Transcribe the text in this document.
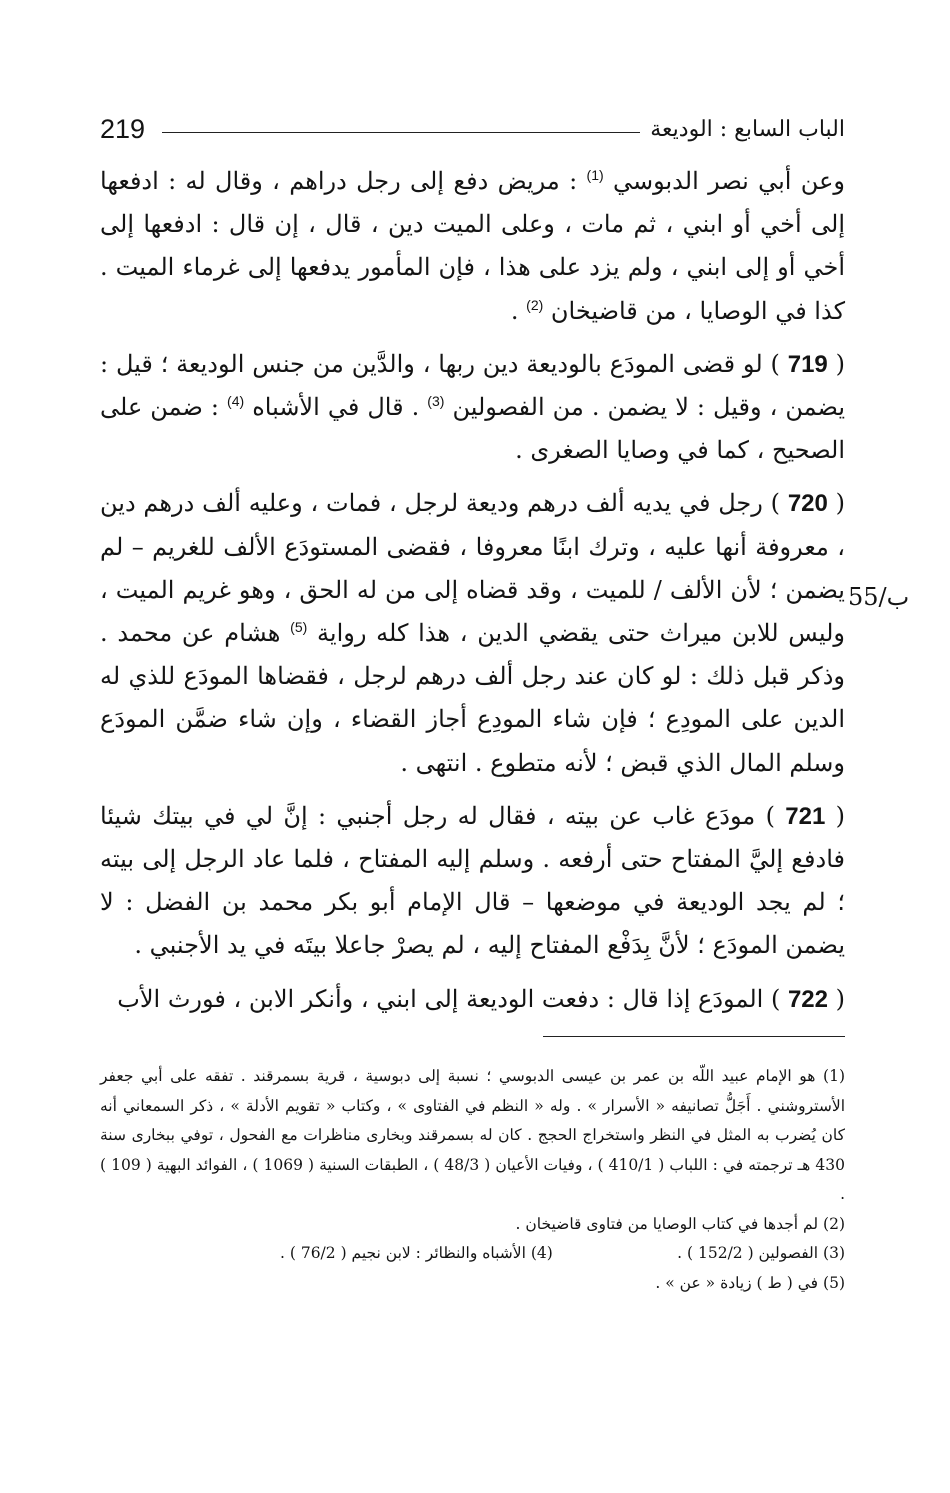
الباب السابع : الوديعة
219
55/ب

وعن أبي نصر الدبوسي $^{(1)}$ : مريض دفع إلى رجل دراهم ، وقال له : ادفعها إلى أخي أو ابني ، ثم مات ، وعلى الميت دين ، قال ، إن قال : ادفعها إلى أخي أو إلى ابني ، ولم يزد على هذا ، فإن المأمور يدفعها إلى غرماء الميت . كذا في الوصايا ، من قاضيخان $^{(2)}$ .

( 719 ) لو قضى المودَع بالوديعة دين ربها ، والدَّين من جنس الوديعة ؛ قيل : يضمن ، وقيل : لا يضمن . من الفصولين $^{(3)}$ . قال في الأشباه $^{(4)}$ : ضمن على الصحيح ، كما في وصايا الصغرى .

( 720 ) رجل في يديه ألف درهم وديعة لرجل ، فمات ، وعليه ألف درهم دين ، معروفة أنها عليه ، وترك ابنًا معروفا ، فقضى المستودَع الألف للغريم – لم يضمن ؛ لأن الألف / للميت ، وقد قضاه إلى من له الحق ، وهو غريم الميت ، وليس للابن ميراث حتى يقضي الدين ، هذا كله رواية $^{(5)}$ هشام عن محمد . وذكر قبل ذلك : لو كان عند رجل ألف درهم لرجل ، فقضاها المودَع للذي له الدين على المودِع ؛ فإن شاء المودِع أجاز القضاء ، وإن شاء ضمَّن المودَع وسلم المال الذي قبض ؛ لأنه متطوع . انتهى .

( 721 ) مودَع غاب عن بيته ، فقال له رجل أجنبي : إنَّ لي في بيتك شيئا فادفع إليَّ المفتاح حتى أرفعه . وسلم إليه المفتاح ، فلما عاد الرجل إلى بيته ؛ لم يجد الوديعة في موضعها – قال الإمام أبو بكر محمد بن الفضل : لا يضمن المودَع ؛ لأنَّ بِدَفْع المفتاح إليه ، لم يصرْ جاعلا بيتَه في يد الأجنبي .

( 722 ) المودَع إذا قال : دفعت الوديعة إلى ابني ، وأنكر الابن ، فورث الأب

(1) هو الإمام عبيد اللّه بن عمر بن عيسى الدبوسي ؛ نسبة إلى دبوسية ، قرية بسمرقند . تفقه على أبي جعفر الأستروشني . أَجَلُّ تصانيفه « الأسرار » . وله « النظم في الفتاوى » ، وكتاب « تقويم الأدلة » ، ذكر السمعاني أنه كان يُضرب به المثل في النظر واستخراج الحجج . كان له بسمرقند وبخارى مناظرات مع الفحول ، توفي ببخارى سنة 430 هـ ترجمته في : اللباب ( 410/1 ) ، وفيات الأعيان ( 48/3 ) ، الطبقات السنية ( 1069 ) ، الفوائد البهية ( 109 ) .

(2) لم أجدها في كتاب الوصايا من فتاوى قاضيخان .

(3) الفصولين ( 152/2 ) .
(4) الأشباه والنظائر : لابن نجيم ( 76/2 ) .

(5) في ( ط ) زيادة « عن » .
